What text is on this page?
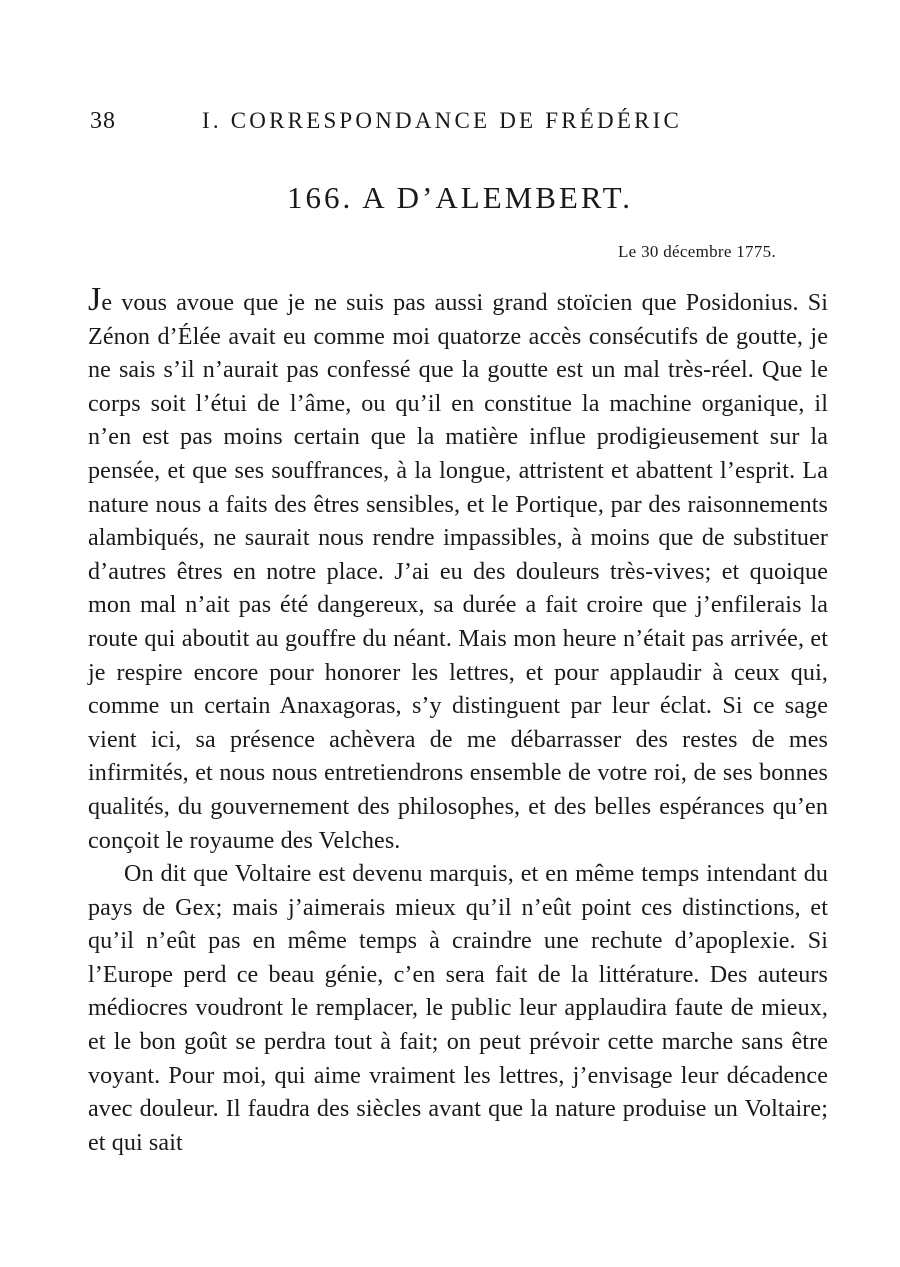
38	I. CORRESPONDANCE DE FRÉDÉRIC
166. A D’ALEMBERT.
Le 30 décembre 1775.

Je vous avoue que je ne suis pas aussi grand stoïcien que Posidonius. Si Zénon d’Élée avait eu comme moi quatorze accès consécutifs de goutte, je ne sais s’il n’aurait pas confessé que la goutte est un mal très-réel. Que le corps soit l’étui de l’âme, ou qu’il en constitue la machine organique, il n’en est pas moins certain que la matière influe prodigieusement sur la pensée, et que ses souffrances, à la longue, attristent et abattent l’esprit. La nature nous a faits des êtres sensibles, et le Portique, par des raisonnements alambiqués, ne saurait nous rendre impassibles, à moins que de substituer d’autres êtres en notre place. J’ai eu des douleurs très-vives; et quoique mon mal n’ait pas été dangereux, sa durée a fait croire que j’enfilerais la route qui aboutit au gouffre du néant. Mais mon heure n’était pas arrivée, et je respire encore pour honorer les lettres, et pour applaudir à ceux qui, comme un certain Anaxagoras, s’y distinguent par leur éclat. Si ce sage vient ici, sa présence achèvera de me débarrasser des restes de mes infirmités, et nous nous entretiendrons ensemble de votre roi, de ses bonnes qualités, du gouvernement des philosophes, et des belles espérances qu’en conçoit le royaume des Velches.

On dit que Voltaire est devenu marquis, et en même temps intendant du pays de Gex; mais j’aimerais mieux qu’il n’eût point ces distinctions, et qu’il n’eût pas en même temps à craindre une rechute d’apoplexie. Si l’Europe perd ce beau génie, c’en sera fait de la littérature. Des auteurs médiocres voudront le remplacer, le public leur applaudira faute de mieux, et le bon goût se perdra tout à fait; on peut prévoir cette marche sans être voyant. Pour moi, qui aime vraiment les lettres, j’envisage leur décadence avec douleur. Il faudra des siècles avant que la nature produise un Voltaire; et qui sait
